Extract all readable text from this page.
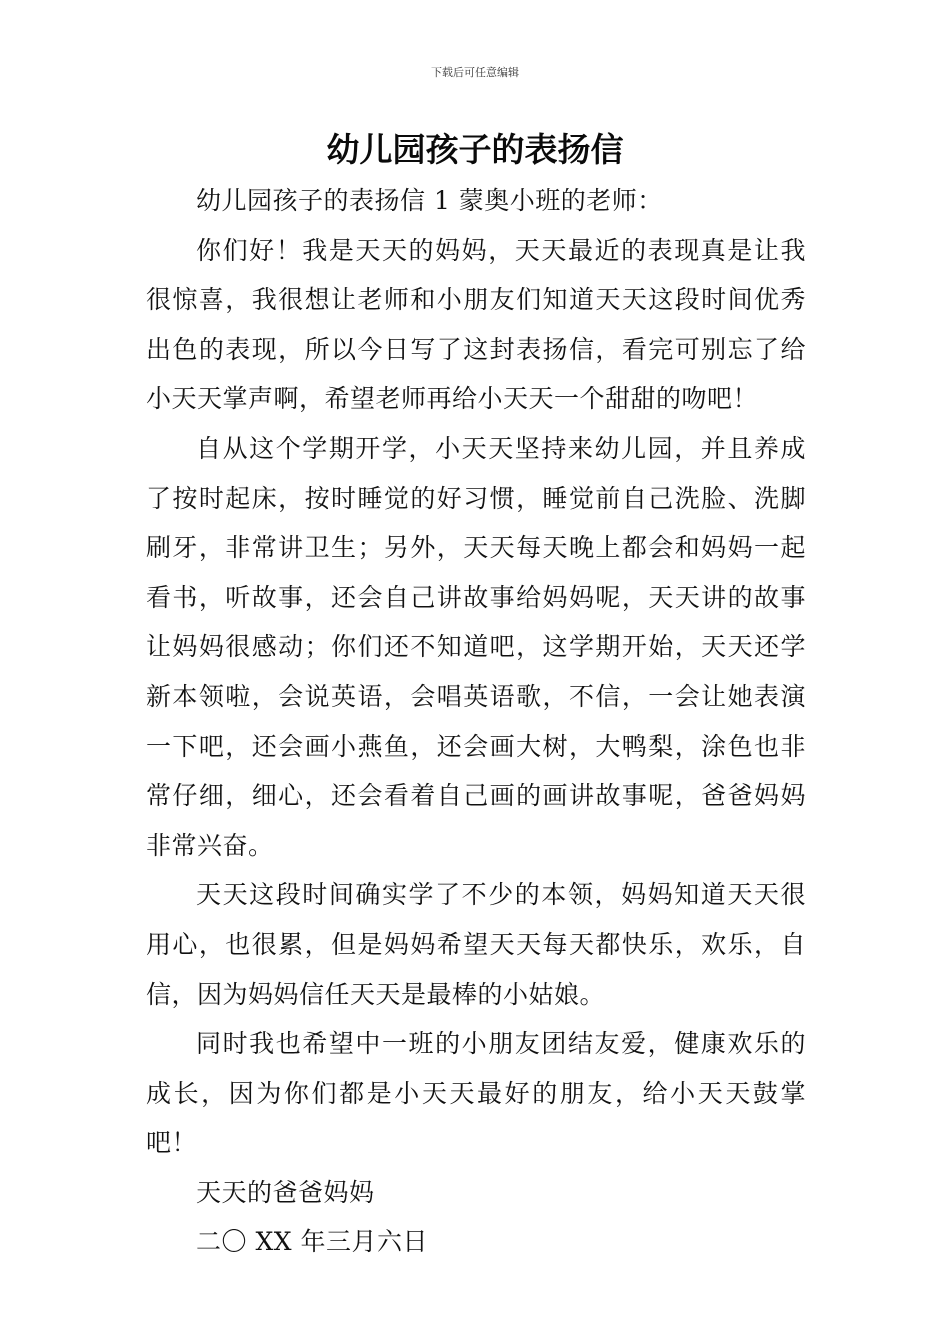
下载后可任意编辑
幼儿园孩子的表扬信

幼儿园孩子的表扬信 1 蒙奥小班的老师：

你们好！我是天天的妈妈，天天最近的表现真是让我很惊喜，我很想让老师和小朋友们知道天天这段时间优秀出色的表现，所以今日写了这封表扬信，看完可别忘了给小天天掌声啊，希望老师再给小天天一个甜甜的吻吧！

自从这个学期开学，小天天坚持来幼儿园，并且养成了按时起床，按时睡觉的好习惯，睡觉前自己洗脸、洗脚刷牙，非常讲卫生；另外，天天每天晚上都会和妈妈一起看书，听故事，还会自己讲故事给妈妈呢，天天讲的故事让妈妈很感动；你们还不知道吧，这学期开始，天天还学新本领啦，会说英语，会唱英语歌，不信，一会让她表演一下吧，还会画小燕鱼，还会画大树，大鸭梨，涂色也非常仔细，细心，还会看着自己画的画讲故事呢，爸爸妈妈非常兴奋。

天天这段时间确实学了不少的本领，妈妈知道天天很用心，也很累，但是妈妈希望天天每天都快乐，欢乐，自信，因为妈妈信任天天是最棒的小姑娘。

同时我也希望中一班的小朋友团结友爱，健康欢乐的成长，因为你们都是小天天最好的朋友，给小天天鼓掌吧！

天天的爸爸妈妈

二〇 XX 年三月六日
